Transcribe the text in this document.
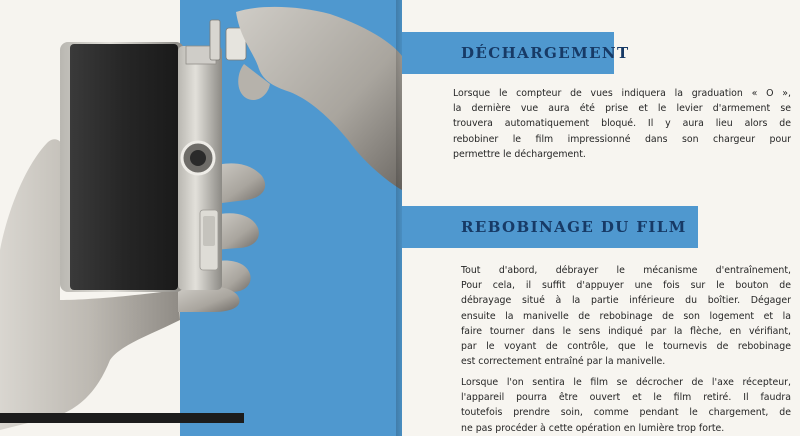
DÉCHARGEMENT
Lorsque le compteur de vues indiquera la graduation « O »,
la dernière vue aura été prise et le levier d'armement se
trouvera automatiquement bloqué. Il y aura lieu alors de
rebobiner le film impressionné dans son chargeur pour
permettre le déchargement.
REBOBINAGE DU FILM
Tout d'abord, débrayer le mécanisme d'entraînement,
Pour cela, il suffit d'appuyer une fois sur le bouton de
débrayage situé à la partie inférieure du boîtier. Dégager
ensuite la manivelle de rebobinage de son logement et la
faire tourner dans le sens indiqué par la flèche, en vérifiant,
par le voyant de contrôle, que le tournevis de rebobinage
est correctement entraîné par la manivelle.
Lorsque l'on sentira le film se décrocher de l'axe récepteur,
l'appareil pourra être ouvert et le film retiré. Il faudra
toutefois prendre soin, comme pendant le chargement, de
ne pas procéder à cette opération en lumière trop forte.
